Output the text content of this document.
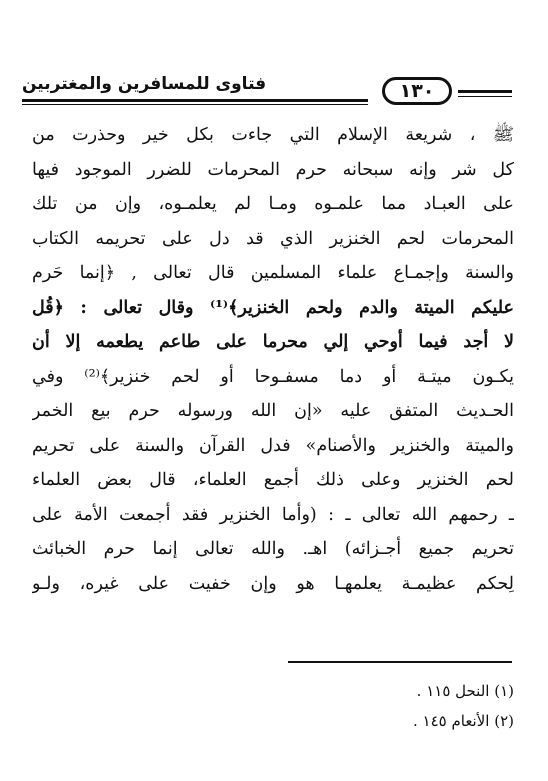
فتاوى للمسافرين والمغتربين	١٣٠
ﷺ ، شريعة الإسلام التي جاءت بكل خير وحذرت من
كل شر وإنه سبحانه حرم المحرمات للضرر الموجود فيها
على العبـاد مما علمـوه ومـا لم يعلمـوه، وإن من تلك
المحرمات لحم الخنزير الذي قد دل على تحريمه الكتاب
والسنة وإجمـاع علماء المسلمين قال تعالى , ﴿إنما حَرم
عليكم الميتة والدم ولحم الخنزير﴾⁽¹⁾ وقال تعالى : ﴿قُل
لا أجد فيما أوحي إلي محرما على طاعم يطعمه إلا أن
يكـون ميتـة أو دما مسفـوحا أو لحم خنزير﴾⁽²⁾ وفي
الحـديث المتفق عليه «إن الله ورسوله حرم بيع الخمر
والميتة والخنزير والأصنام» فدل القرآن والسنة على تحريم
لحم الخنزير وعلى ذلك أجمع العلماء، قال بعض العلماء
ـ رحمهم الله تعالى ـ : (وأما الخنزير فقد أجمعت الأمة على
تحريم جميع أجـزائه) اهـ. والله تعالى إنما حرم الخبائث
لِحكم عظيمـة يعلمهـا هو وإن خفيت على غيره، ولـو
(١) النحل ١١٥ .
(٢) الأنعام ١٤٥ .
